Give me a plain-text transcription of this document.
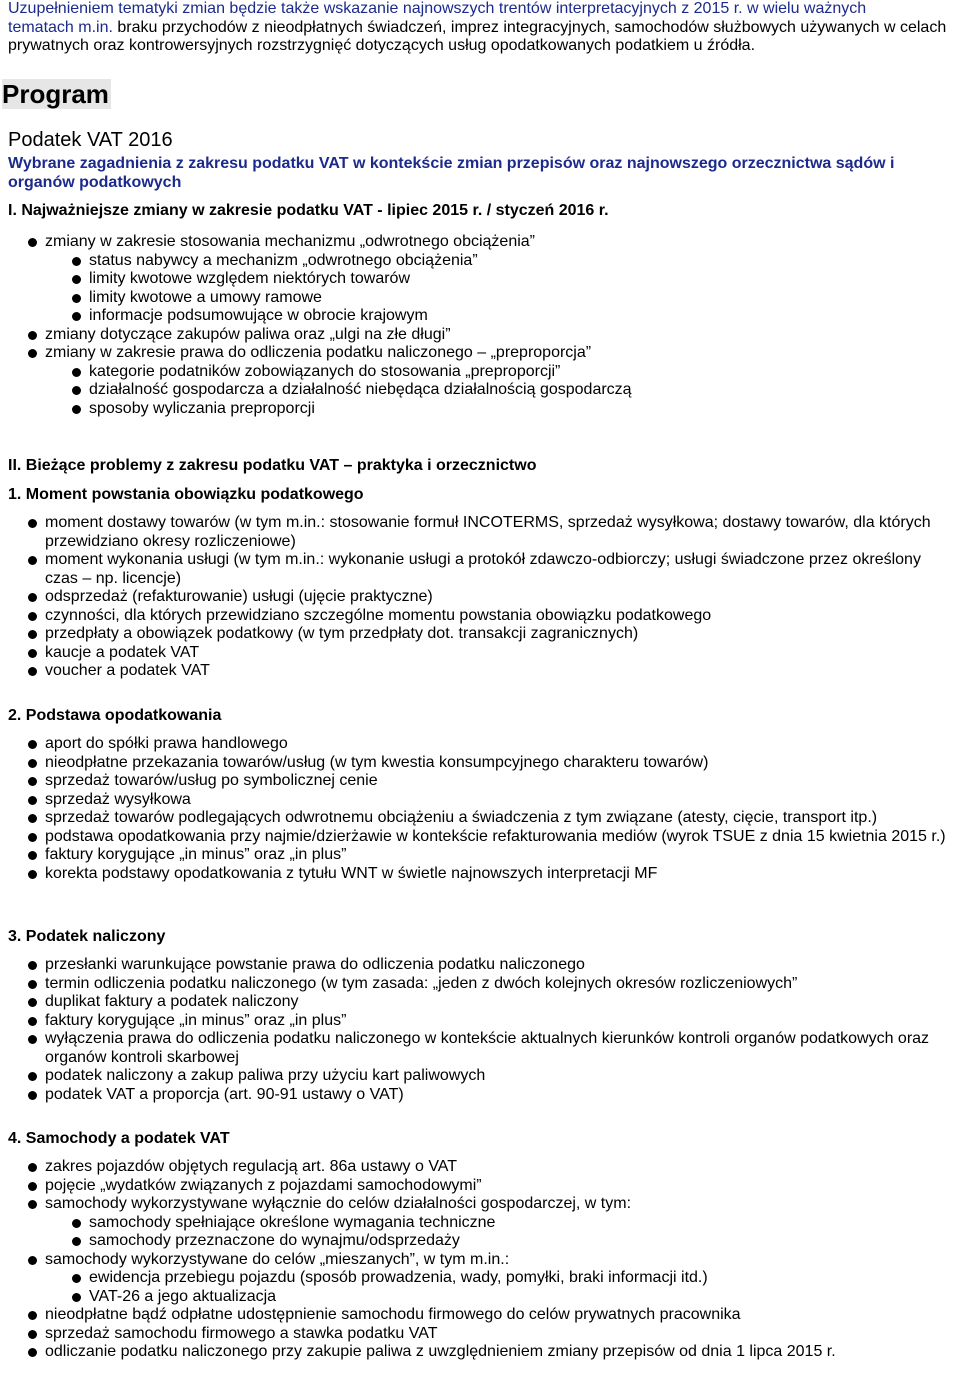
Uzupełnieniem tematyki zmian będzie także wskazanie najnowszych trentów interpretacyjnych z 2015 r. w wielu ważnych
tematach m.in. braku przychodów z nieodpłatnych świadczeń, imprez integracyjnych, samochodów służbowych używanych w celach prywatnych oraz kontrowersyjnych rozstrzygnięć dotyczących usług opodatkowanych podatkiem u źródła.
Program
Podatek VAT 2016
Wybrane zagadnienia z zakresu podatku VAT w kontekście zmian przepisów oraz najnowszego orzecznictwa sądów i organów podatkowych
I. Najważniejsze zmiany w zakresie podatku VAT - lipiec 2015 r. / styczeń 2016 r.
zmiany w zakresie stosowania mechanizmu „odwrotnego obciążenia”
status nabywcy a mechanizm „odwrotnego obciążenia”
limity kwotowe względem niektórych towarów
limity kwotowe a umowy ramowe
informacje podsumowujące w obrocie krajowym
zmiany dotyczące zakupów paliwa oraz „ulgi na złe długi”
zmiany w zakresie prawa do odliczenia podatku naliczonego – „preproporcja”
kategorie podatników zobowiązanych do stosowania „preproporcji”
działalność gospodarcza a działalność niebędąca działalnością gospodarczą
sposoby wyliczania preproporcji
II. Bieżące problemy z zakresu podatku VAT – praktyka i orzecznictwo
1. Moment powstania obowiązku podatkowego
moment dostawy towarów (w tym m.in.: stosowanie formuł INCOTERMS, sprzedaż wysyłkowa; dostawy towarów, dla których przewidziano okresy rozliczeniowe)
moment wykonania usługi (w tym m.in.: wykonanie usługi a protokół zdawczo-odbiorczy; usługi świadczone przez określony czas – np. licencje)
odsprzedaż (refakturowanie) usługi (ujęcie praktyczne)
czynności, dla których przewidziano szczególne momentu powstania obowiązku podatkowego
przedpłaty a obowiązek podatkowy (w tym przedpłaty dot. transakcji zagranicznych)
kaucje a podatek VAT
voucher a podatek VAT
2. Podstawa opodatkowania
aport do spółki prawa handlowego
nieodpłatne przekazania towarów/usług (w tym kwestia konsumpcyjnego charakteru towarów)
sprzedaż towarów/usług po symbolicznej cenie
sprzedaż wysyłkowa
sprzedaż towarów podlegających odwrotnemu obciążeniu a świadczenia z tym związane (atesty, cięcie, transport itp.)
podstawa opodatkowania przy najmie/dzierżawie w kontekście refakturowania mediów (wyrok TSUE z dnia 15 kwietnia 2015 r.)
faktury korygujące „in minus” oraz „in plus”
korekta podstawy opodatkowania z tytułu WNT w świetle najnowszych interpretacji MF
3. Podatek naliczony
przesłanki warunkujące powstanie prawa do odliczenia podatku naliczonego
termin odliczenia podatku naliczonego (w tym zasada: „jeden z dwóch kolejnych okresów rozliczeniowych”
duplikat faktury a podatek naliczony
faktury korygujące „in minus” oraz „in plus”
wyłączenia prawa do odliczenia podatku naliczonego w kontekście aktualnych kierunków kontroli organów podatkowych oraz organów kontroli skarbowej
podatek naliczony a zakup paliwa przy użyciu kart paliwowych
podatek VAT a proporcja (art. 90-91 ustawy o VAT)
4. Samochody a podatek VAT
zakres pojazdów objętych regulacją art. 86a ustawy o VAT
pojęcie „wydatków związanych z pojazdami samochodowymi”
samochody wykorzystywane wyłącznie do celów działalności gospodarczej, w tym:
samochody spełniające określone wymagania techniczne
samochody przeznaczone do wynajmu/odsprzedaży
samochody wykorzystywane do celów „mieszanych”, w tym m.in.:
ewidencja przebiegu pojazdu (sposób prowadzenia, wady, pomyłki, braki informacji itd.)
VAT-26 a jego aktualizacja
nieodpłatne bądź odpłatne udostępnienie samochodu firmowego do celów prywatnych pracownika
sprzedaż samochodu firmowego a stawka podatku VAT
odliczanie podatku naliczonego przy zakupie paliwa z uwzględnieniem zmiany przepisów od dnia 1 lipca 2015 r.
